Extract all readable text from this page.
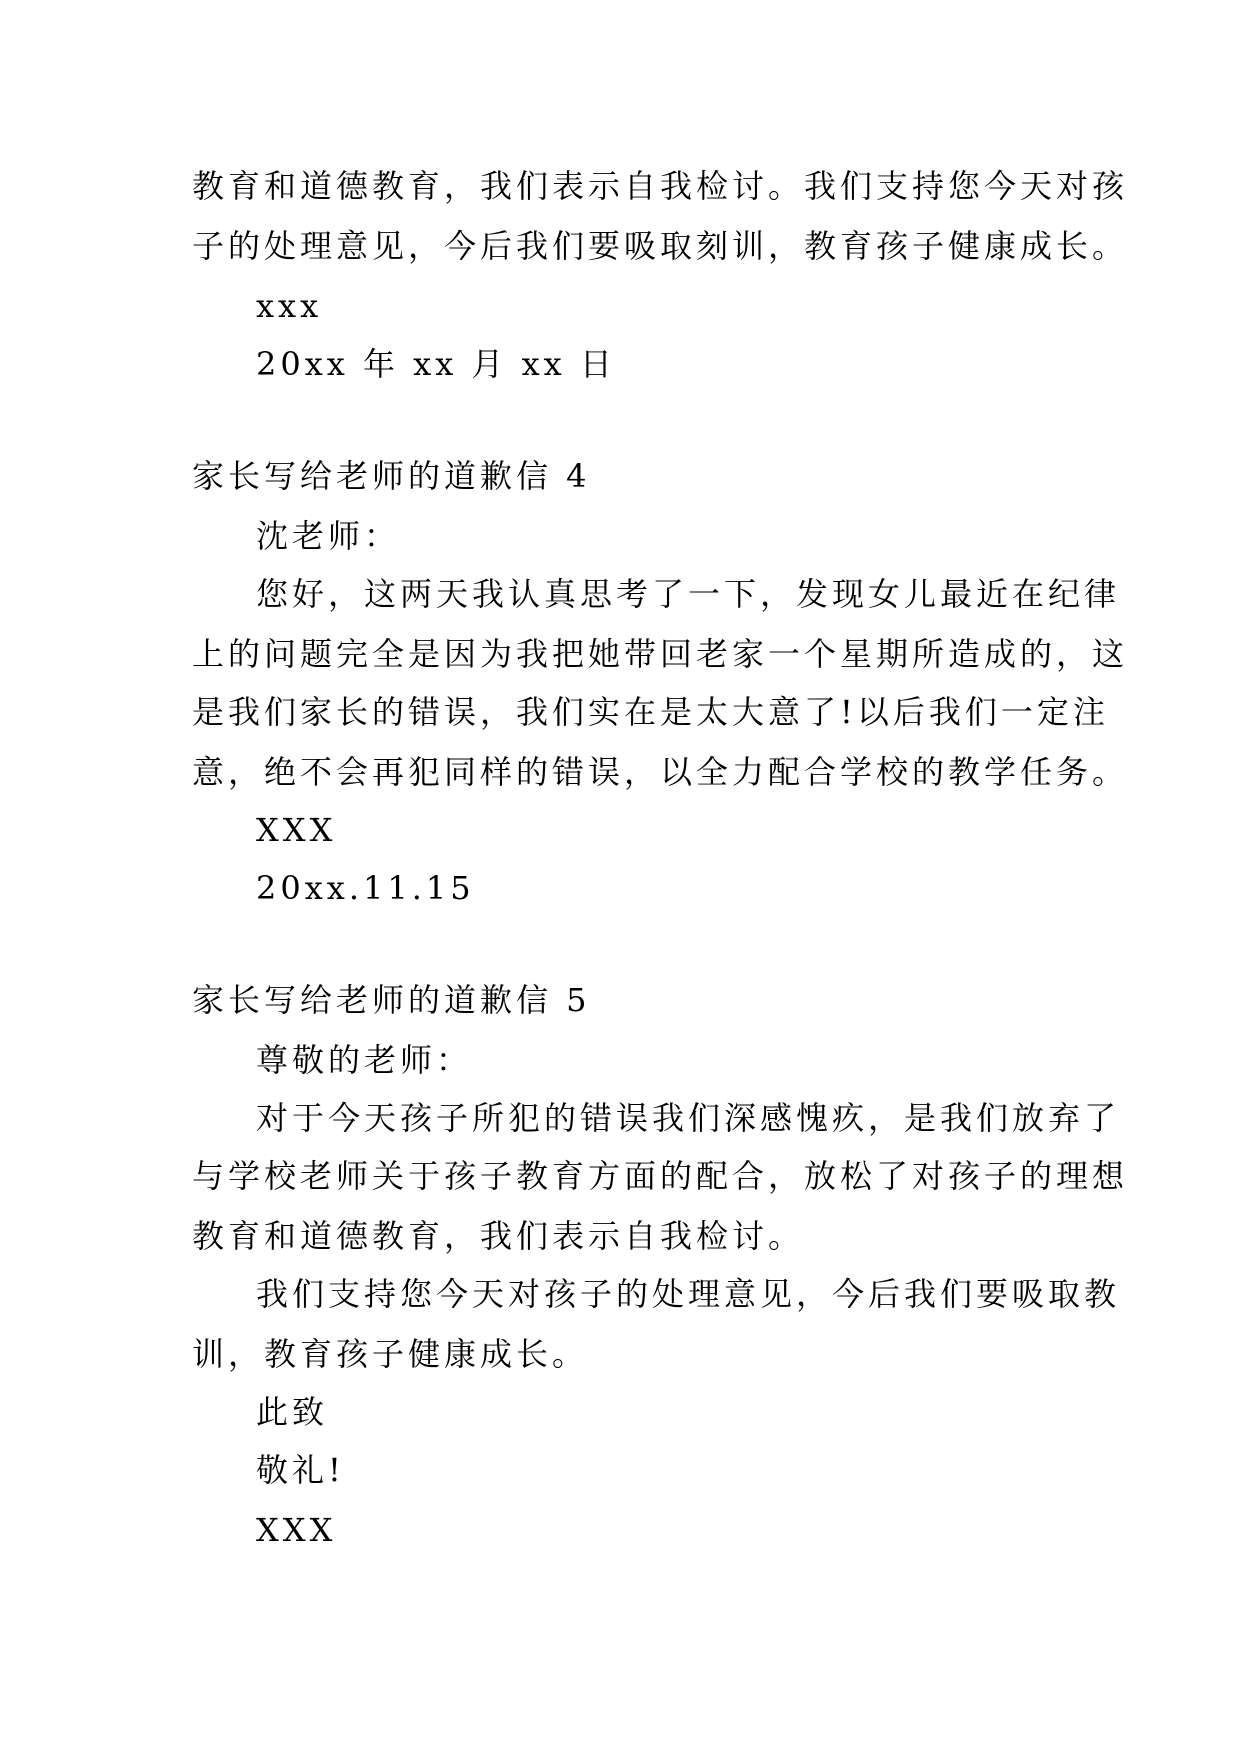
教育和道德教育，我们表示自我检讨。我们支持您今天对孩
子的处理意见，今后我们要吸取刻训，教育孩子健康成长。
xxx
20xx 年 xx 月 xx 日
家长写给老师的道歉信 4
沈老师：
您好，这两天我认真思考了一下，发现女儿最近在纪律
上的问题完全是因为我把她带回老家一个星期所造成的，这
是我们家长的错误，我们实在是太大意了!以后我们一定注
意，绝不会再犯同样的错误，以全力配合学校的教学任务。
XXX
20xx.11.15
家长写给老师的道歉信 5
尊敬的老师：
对于今天孩子所犯的错误我们深感愧疚，是我们放弃了
与学校老师关于孩子教育方面的配合，放松了对孩子的理想
教育和道德教育，我们表示自我检讨。
我们支持您今天对孩子的处理意见，今后我们要吸取教
训，教育孩子健康成长。
此致
敬礼!
XXX
